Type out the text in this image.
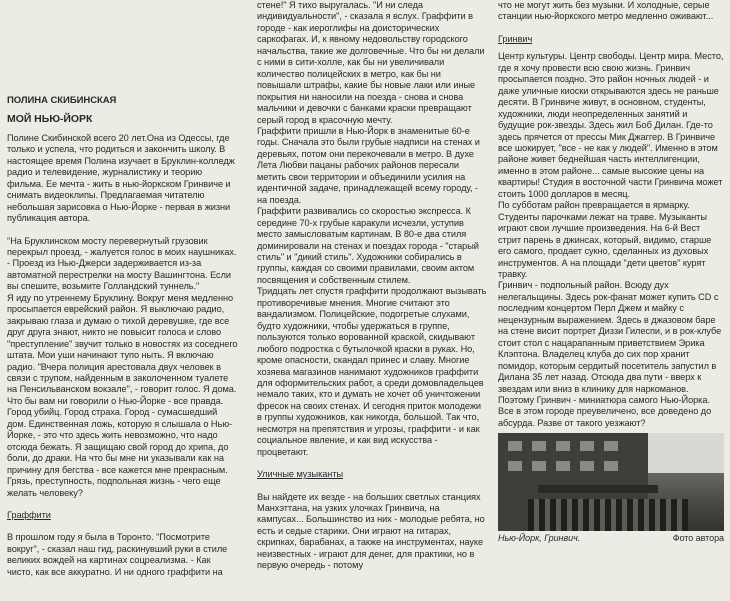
ПОЛИНА СКИБИНСКАЯ
МОЙ НЬЮ-ЙОРК

Полине Скибинской всего 20 лет.Она из Одессы, где только и успела, что родиться и закончить школу. В настоящее время Полина изучает в Бруклин-колледж радио и телевидение, журналистику и теорию фильма. Ее мечта - жить в нью-йоркском Гринвиче и снимать видеоклипы. Предлагаемая читателю небольшая зарисовка о Нью-Йорке - первая в жизни публикация автора.

"На Бруклинском мосту перевернутый грузовик перекрыл проезд, - жалуется голос в моих наушниках. - Проезд из Нью-Джерси задерживается из-за автоматной перестрелки на мосту Вашингтона. Если вы спешите, возьмите Голландский туннель."

Я иду по утреннему Бруклину. Вокруг меня медленно просыпается еврейский район. Я выключаю радио, закрываю глаза и думаю о тихой деревушке, где все друг друга знают, никто не повысит голоса и слово "преступление" звучит только в новостях из соседнего штата. Мои уши начинают тупо ныть. Я включаю радио. "Вчера полиция арестовала двух человек в связи с трупом, найденным в заколоченном туалете на Пенсильванском вокзале", - говорит голос. Я дома.

Что бы вам ни говорили о Нью-Йорке - все правда. Город убийц. Город страха. Город - сумасшедший дом. Единственная ложь, которую я слышала о Нью-Йорке, - это что здесь жить невозможно, что надо отсюда бежать. Я защищаю свой город до хрипа, до боли, до драки. На что бы мне ни указывали как на причину для бегства - все кажется мне прекрасным. Грязь, преступность, подпольная жизнь - чего еще желать человеку?

Граффити

В прошлом году я была в Торонто. "Посмотрите вокруг", - сказал наш гид, раскинувший руки в стиле великих вождей на картинах соцреализма. - Как чисто, как все аккуратно. И ни одного граффити на

стене!" Я тихо выругалась. "И ни следа индивидуальности", - сказала я вслух. Граффити в городе - как иероглифы на доисторических саркофагах. И, к явному недовольству городского начальства, такие же долговечные. Что бы ни делали с ними в сити-холле, как бы ни увеличивали количество полицейских в метро, как бы ни повышали штрафы, какие бы новые лаки или иные покрытия ни наносили на поезда - снова и снова мальчики и девочки с банками краски превращают серый город в красочную мечту.

Граффити пришли в Нью-Йорк в знаменитые 60-е годы. Сначала это были грубые надписи на стенах и деревьях, потом они перекочевали в метро. В духе Лета Любви пацаны рабочих районов пересали метить свои территории и объединили усилия на идентичной задаче, принадлежащей всему городу, - на поезда.

Граффити развивались со скоростью экспресса. К середине 70-х грубые каракули исчезли, уступив место замысловатым картинам. В 80-е два стиля доминировали на стенах и поездах города - "старый стиль" и "дикий стиль". Художники собирались в группы, каждая со своими правилами, своим актом посвящения и собственным стилем.

Тридцать лет спустя граффити продолжают вызывать противоречивые мнения. Многие считают это вандализмом. Полицейские, подогретые слухами, будто художники, чтобы удержаться в группе, пользуются только ворованной краской, скидывают любого подростка с бутылочкой краски в руках. Но, кроме опасности, скандал принес и славу. Многие хозяева магазинов нанимают художников граффити для оформительских работ, а среди домовладельцев немало таких, кто и думать не хочет об уничтожении фресок на своих стенах. И сегодня приток молодежи в группы художников, как никогда, большой. Так что, несмотря на препятствия и угрозы, граффити - и как социальное явление, и как вид искусства - процветают.

Уличные музыканты

Вы найдете их везде - на больших светлых станциях Манхэттана, на узких улочках Гринвича, на кампусах... Большинство из них - молодые ребята, но есть и седые старики. Они играют на гитарах, скрипках, барабанах, а также на инструментах, науке неизвестных - играют для денег, для практики, но в первую очередь - потому

что не могут жить без музыки. И холодные, серые станции нью-йоркского метро медленно оживают...

Гринвич

Центр культуры. Центр свободы. Центр мира. Место, где я хочу провести всю свою жизнь. Гринвич просыпается поздно. Это район ночных людей - и даже уличные киоски открываются здесь не раньше десяти. В Гринвиче живут, в основном, студенты, художники, люди неопределенных занятий и будущие рок-звезды. Здесь жил Боб Дилан. Где-то здесь прячется от прессы Мик Джаггер. В Гринвиче все шокирует, "все - не как у людей". Именно в этом районе живет беднейшая часть интеллигенции, именно в этом районе... самые высокие цены на квартиры! Студия в восточной части Гринвича может стоить 1000 долларов в месяц.

По субботам район превращается в ярмарку. Студенты парочками лежат на траве. Музыканты играют свои лучшие произведения. На 6-й Вест стрит парень в джинсах, который, видимо, старше его самого, продает сукно, сделанных из духовых инструментов. А на площади "дети цветов" курят травку.

Гринвич - подпольный район. Всюду дух нелегальщины. Здесь рок-фанат может купить CD с последним концертом Перл Джем и майку с нецензурным выражением. Здесь в джазовом баре на стене висит портрет Диззи Гилеспи, и в рок-клубе стоит стол с нацарапанным приветствием Эрика Клэптона. Владелец клуба до сих пор хранит помидор, которым сердитый посетитель запустил в Дилана 35 лет назад. Отсюда два пути - вверх к звездам или вниз в клинику для наркоманов.

Поэтому Гринвич - миниатюра самого Нью-Йорка. Все в этом городе преувеличено, все доведено до абсурда. Разве от такого уезжают?

Нью-Йорк, Гринвич.	Фото автора
